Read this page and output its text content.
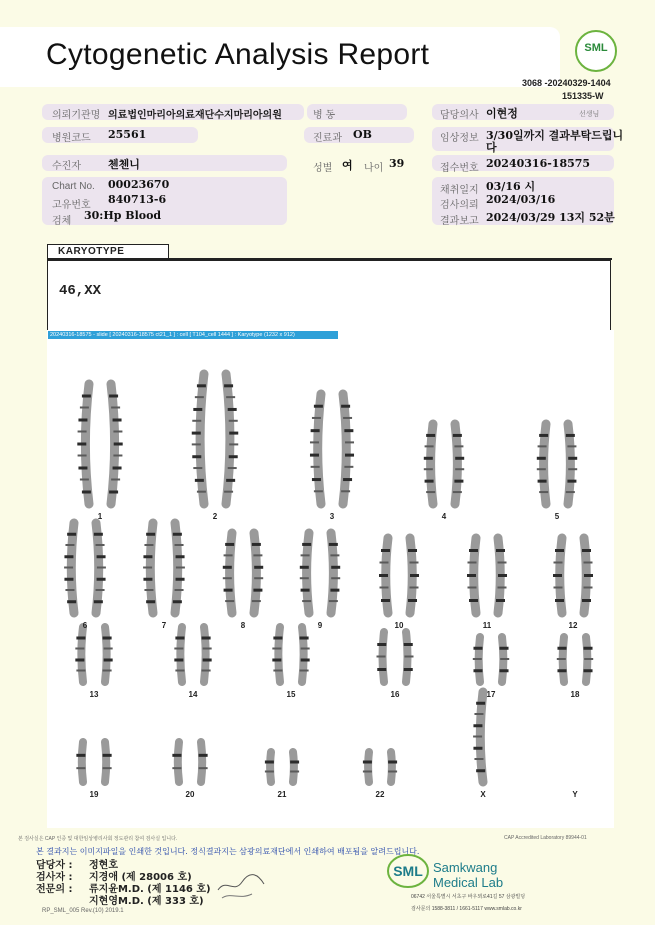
Cytogenetic Analysis Report	SML
3068 -20240329-1404
151335-W
의뢰기관명 의료법인마리아의료재단수지마리아의원	병 동	담당의사 이현정	선생님
병원코드 25561	진료과 OB	임상정보 3/30일까지 결과부탁드립니
다
수진자 첸첸니	성별 여 나이 39	접수번호 20240316-18575
Chart No. 00023670
고유번호 840713-6
검체 30:Hp Blood
채취일지 03/16 시
검사의뢰 2024/03/16
결과보고 2024/03/29 13지 52분
KARYOTYPE
46,XX
20240316-18575 - slide [ 20240316-18575 ct21_1 ] : cell [ T104_cell 1444 ] : Karyotype (1232 x 912)
1	2	3	4	5
6	7	8	9	10	11	12
13	14	15	16	17	18
19	20	21	22	X	Y
본 검사실은 CAP 인증 및 대한임상병리사회 정도관리 참여 검사실 입니다.	CAP Accredited Laboratory 89944-01
본 결과지는 이미지파일을 인쇄한 것입니다. 정식결과지는 삼광의료재단에서 인쇄하여 배포됨을 알려드립니다.
담당자 : 정현호
검사자 : 지경애 (제 28006 호)
전문의 : 류지윤M.D. (제 1146 호)
지현영M.D. (제 333 호)
RP_SML_005 Rev.(10) 2019.1
SML Samkwang
Medical Lab
06742 서울특별시 서초구 바우뫼로41길 57 삼광빌딩
검사문의 1588-3811 / 1661-5117 www.smlab.co.kr
